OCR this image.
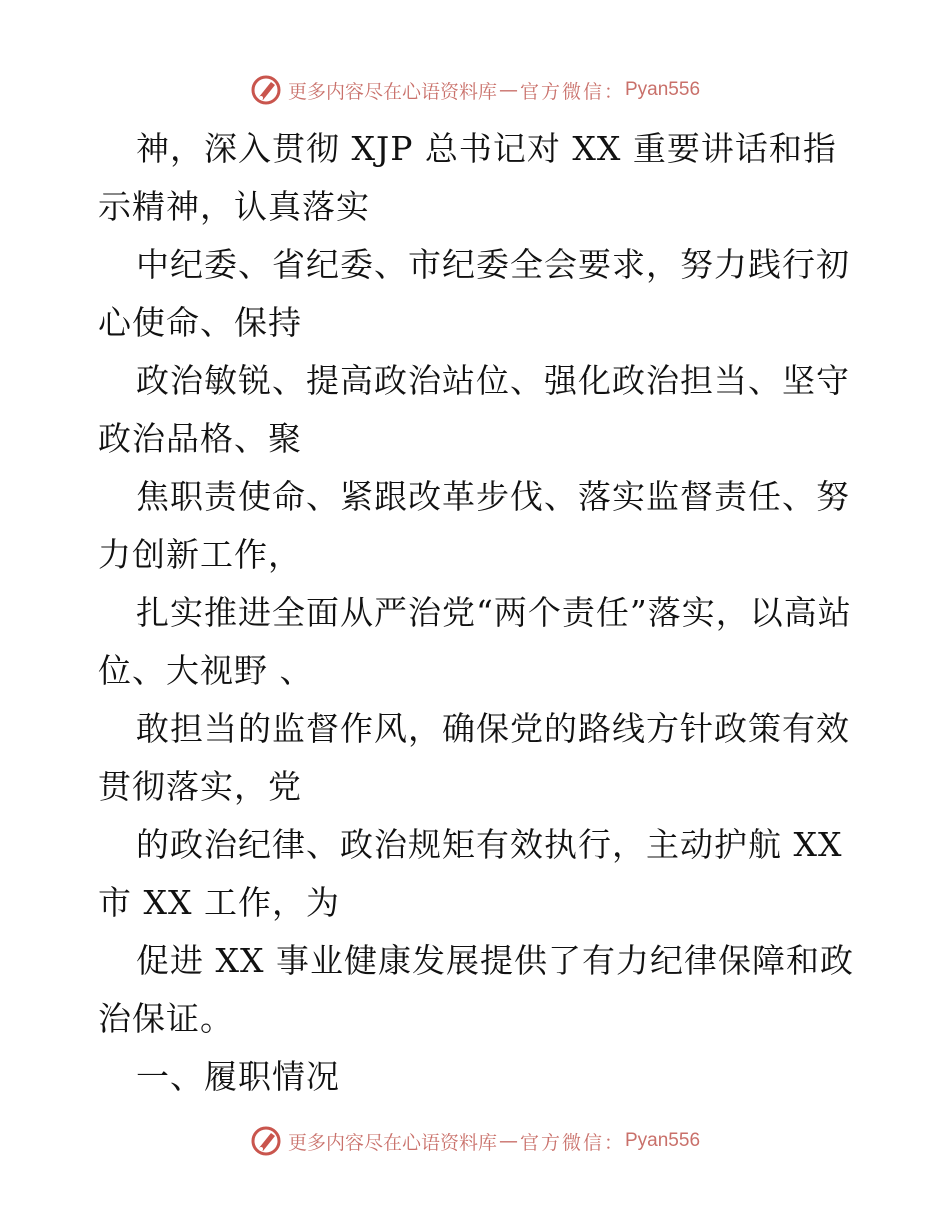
更多内容尽在心语资料库 — 官方微信： Pyan556

神，深入贯彻 XJP 总书记对 XX 重要讲话和指示精神，认真落实

中纪委、省纪委、市纪委全会要求，努力践行初心使命、保持

政治敏锐、提高政治站位、强化政治担当、坚守政治品格、聚

焦职责使命、紧跟改革步伐、落实监督责任、努力创新工作，

扎实推进全面从严治党“两个责任”落实，以高站位、大视野 、

敢担当的监督作风，确保党的路线方针政策有效贯彻落实，党

的政治纪律、政治规矩有效执行，主动护航 XX 市 XX 工作，为

促进 XX 事业健康发展提供了有力纪律保障和政治保证。

一、履职情况

更多内容尽在心语资料库 — 官方微信： Pyan556
